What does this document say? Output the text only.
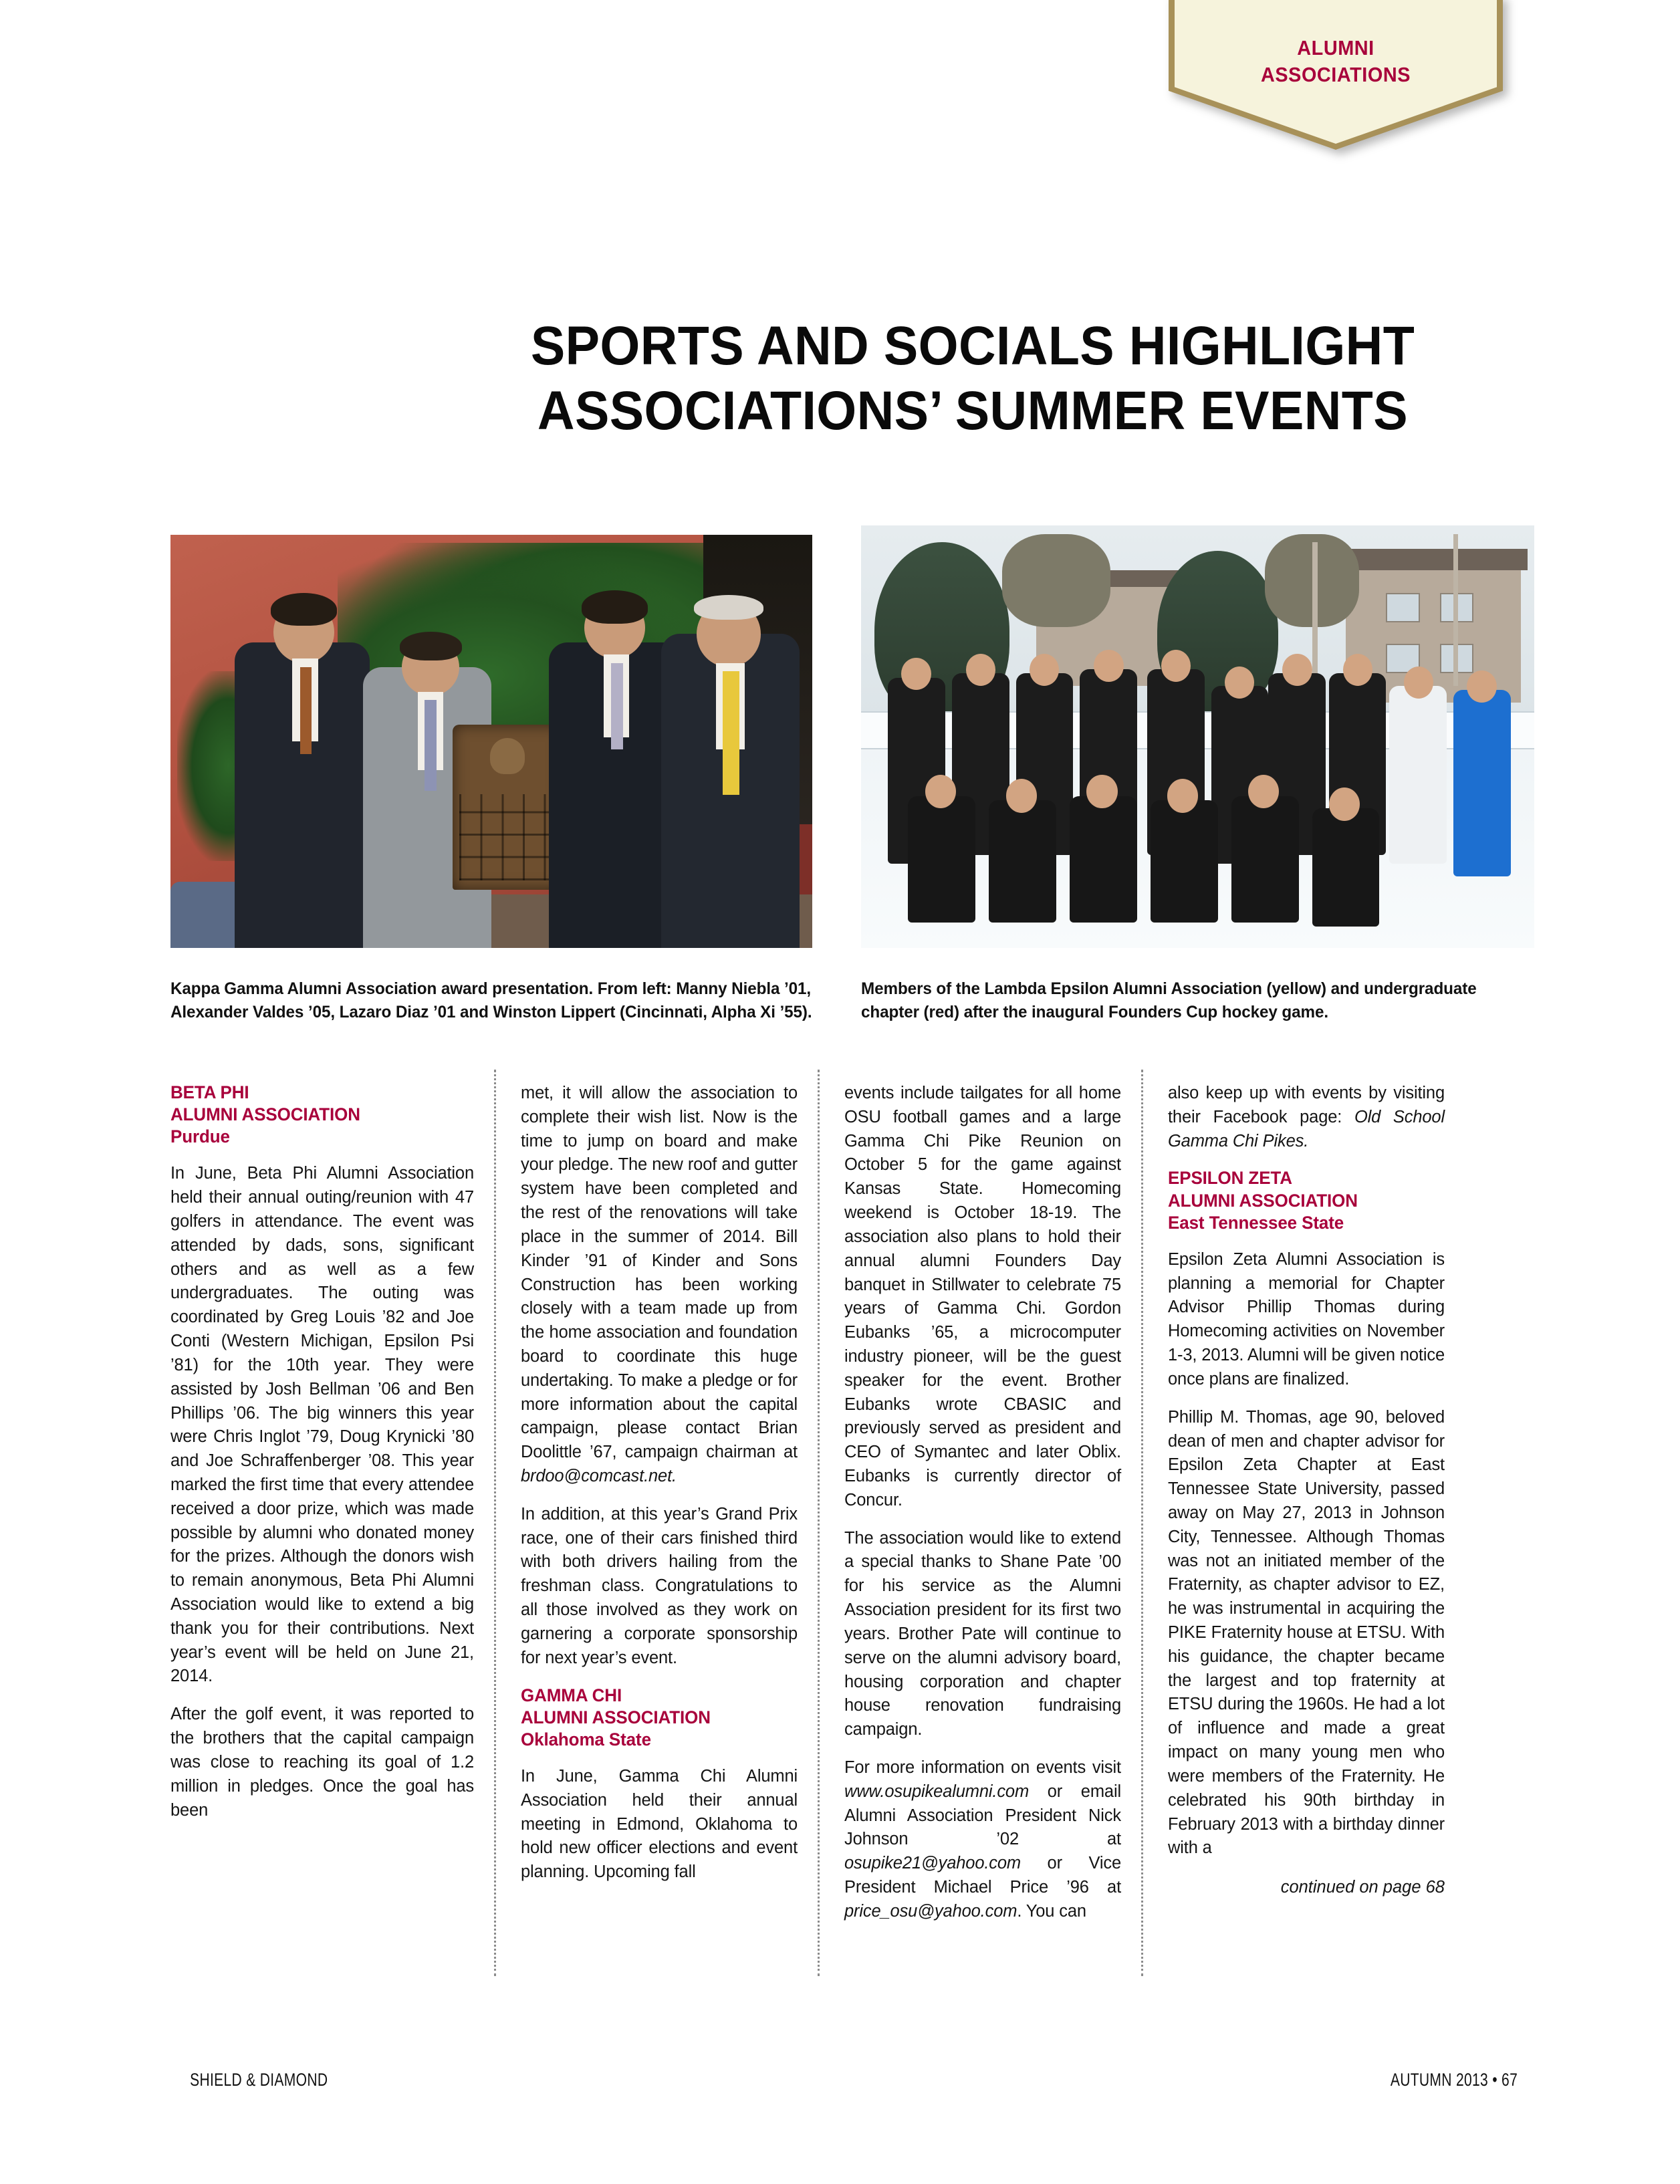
ALUMNI
ASSOCIATIONS
SPORTS AND SOCIALS HIGHLIGHT
ASSOCIATIONS’ SUMMER EVENTS
Kappa Gamma Alumni Association award presentation. From left: Manny Niebla ’01, Alexander Valdes ’05, Lazaro Diaz ’01 and Winston Lippert (Cincinnati, Alpha Xi ’55).
Members of the Lambda Epsilon Alumni Association (yellow) and undergraduate chapter (red) after the inaugural Founders Cup hockey game.
BETA PHI
ALUMNI ASSOCIATION
Purdue

In June, Beta Phi Alumni Association held their annual outing/reunion with 47 golfers in attendance. The event was attended by dads, sons, significant others and as well as a few undergraduates. The outing was coordinated by Greg Louis ’82 and Joe Conti (Western Michigan, Epsilon Psi ’81) for the 10th year. They were assisted by Josh Bellman ’06 and Ben Phillips ’06. The big winners this year were Chris Inglot ’79, Doug Krynicki ’80 and Joe Schraffenberger ’08. This year marked the first time that every attendee received a door prize, which was made possible by alumni who donated money for the prizes. Although the donors wish to remain anonymous, Beta Phi Alumni Association would like to extend a big thank you for their contributions. Next year’s event will be held on June 21, 2014.

After the golf event, it was reported to the brothers that the capital campaign was close to reaching its goal of 1.2 million in pledges. Once the goal has been

met, it will allow the association to complete their wish list. Now is the time to jump on board and make your pledge. The new roof and gutter system have been completed and the rest of the renovations will take place in the summer of 2014. Bill Kinder ’91 of Kinder and Sons Construction has been working closely with a team made up from the home association and foundation board to coordinate this huge undertaking. To make a pledge or for more information about the capital campaign, please contact Brian Doolittle ’67, campaign chairman at brdoo@comcast.net.

In addition, at this year’s Grand Prix race, one of their cars finished third with both drivers hailing from the freshman class. Congratulations to all those involved as they work on garnering a corporate sponsorship for next year’s event.

GAMMA CHI
ALUMNI ASSOCIATION
Oklahoma State

In June, Gamma Chi Alumni Association held their annual meeting in Edmond, Oklahoma to hold new officer elections and event planning. Upcoming fall

events include tailgates for all home OSU football games and a large Gamma Chi Pike Reunion on October 5 for the game against Kansas State. Homecoming weekend is October 18-19. The association also plans to hold their annual alumni Founders Day banquet in Stillwater to celebrate 75 years of Gamma Chi. Gordon Eubanks ’65, a microcomputer industry pioneer, will be the guest speaker for the event. Brother Eubanks wrote CBASIC and previously served as president and CEO of Symantec and later Oblix. Eubanks is currently director of Concur.

The association would like to extend a special thanks to Shane Pate ’00 for his service as the Alumni Association president for its first two years. Brother Pate will continue to serve on the alumni advisory board, housing corporation and chapter house renovation fundraising campaign.

For more information on events visit www.osupikealumni.com or email Alumni Association President Nick Johnson ’02 at osupike21@yahoo.com or Vice President Michael Price ’96 at price_osu@yahoo.com. You can

also keep up with events by visiting their Facebook page: Old School Gamma Chi Pikes.

EPSILON ZETA
ALUMNI ASSOCIATION
East Tennessee State

Epsilon Zeta Alumni Association is planning a memorial for Chapter Advisor Phillip Thomas during Homecoming activities on November 1-3, 2013. Alumni will be given notice once plans are finalized.

Phillip M. Thomas, age 90, beloved dean of men and chapter advisor for Epsilon Zeta Chapter at East Tennessee State University, passed away on May 27, 2013 in Johnson City, Tennessee. Although Thomas was not an initiated member of the Fraternity, as chapter advisor to EZ, he was instrumental in acquiring the PIKE Fraternity house at ETSU. With his guidance, the chapter became the largest and top fraternity at ETSU during the 1960s. He had a lot of influence and made a great impact on many young men who were members of the Fraternity. He celebrated his 90th birthday in February 2013 with a birthday dinner with a

continued on page 68
SHIELD & DIAMOND	AUTUMN 2013 • 67
